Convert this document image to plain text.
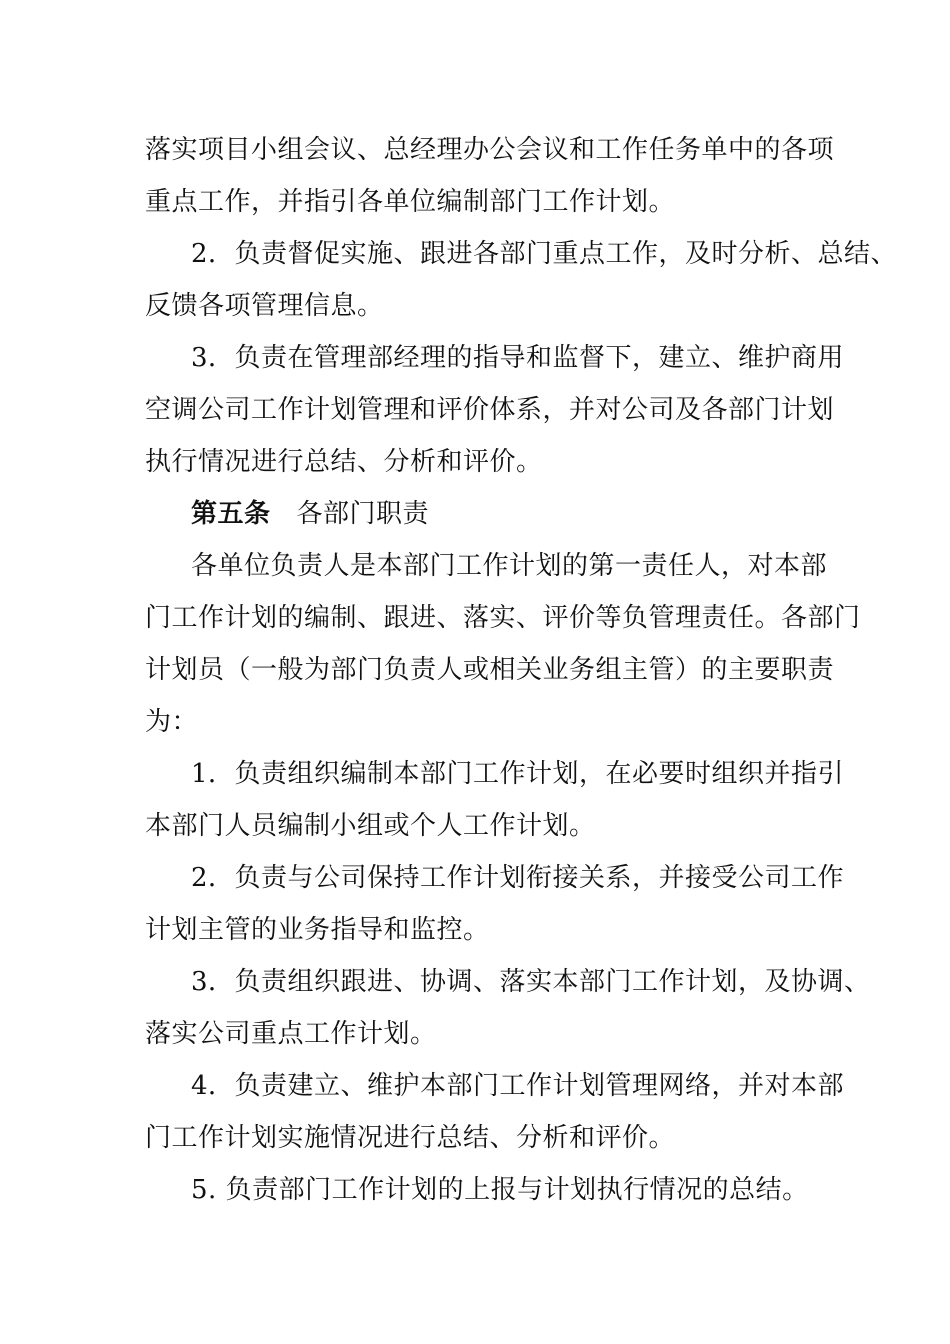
落实项目小组会议、总经理办公会议和工作任务单中的各项
重点工作，并指引各单位编制部门工作计划。
2．负责督促实施、跟进各部门重点工作，及时分析、总结、
反馈各项管理信息。
3．负责在管理部经理的指导和监督下，建立、维护商用
空调公司工作计划管理和评价体系，并对公司及各部门计划
执行情况进行总结、分析和评价。
第五条 各部门职责
各单位负责人是本部门工作计划的第一责任人，对本部
门工作计划的编制、跟进、落实、评价等负管理责任。各部门
计划员（一般为部门负责人或相关业务组主管）的主要职责
为：
1．负责组织编制本部门工作计划，在必要时组织并指引
本部门人员编制小组或个人工作计划。
2．负责与公司保持工作计划衔接关系，并接受公司工作
计划主管的业务指导和监控。
3．负责组织跟进、协调、落实本部门工作计划，及协调、
落实公司重点工作计划。
4．负责建立、维护本部门工作计划管理网络，并对本部
门工作计划实施情况进行总结、分析和评价。
5. 负责部门工作计划的上报与计划执行情况的总结。
